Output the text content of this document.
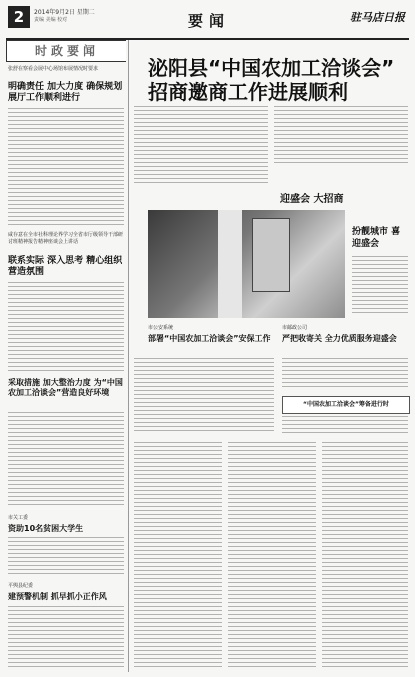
2	2014年9月2日 星期二
责编 美编 校对	要闻	驻马店日报
时政要闻
张舒在察看会展中心场馆布展情况时要求
明确责任 加大力度 确保规划展厅工作顺利进行
咸存意在全市社科理论界学习全省市厅级领导干部研讨班精神报告精神座谈会上讲话
联系实际 深入思考 精心组织 营造氛围
采取措施 加大整治力度 为“中国农加工洽谈会”营造良好环境
市关工委
资助10名贫困大学生
平舆县纪委
建预警机制 抓早抓小正作风
泌阳县“中国农加工洽谈会”
招商邀商工作进展顺利
迎盛会 大招商
扮靓城市 喜迎盛会
市公安系统
部署“中国农加工洽谈会”安保工作
市邮政公司
严把收寄关 全力优质服务迎盛会
“中国农加工洽谈会”筹备进行时
